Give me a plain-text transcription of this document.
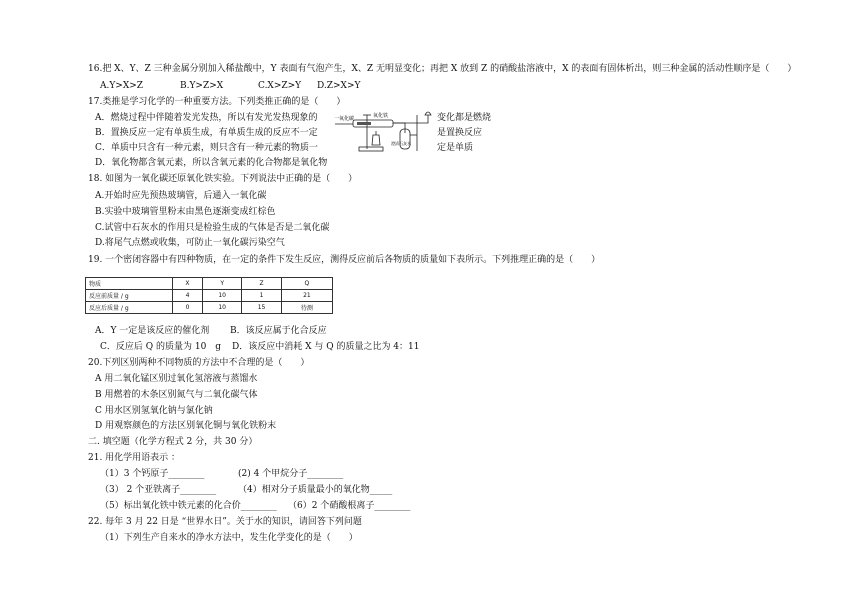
16.把 X、Y、Z 三种金属分别加入稀盐酸中，Y 表面有气泡产生，X、Z 无明显变化；再把 X 放到 Z 的硝酸盐溶液中，X 的表面有固体析出，则三种金属的活动性顺序是（　　）
A.Y>X>Z	B.Y>Z>X	C.X>Z>Y D.Z>X>Y
17.类推是学习化学的一种重要方法。下列类推正确的是（　　）
A．燃烧过程中伴随着发光发热，所以有发光发热现象的	变化都是燃烧
B．置换反应一定有单质生成，有单质生成的反应不一定	是置换反应
C．单质中只含有一种元素，则只含有一种元素的物质一	定是单质
D．氧化物都含氧元素，所以含氧元素的化合物都是氧化物
一氧化碳	氧化铁
澄清石灰水
18. 如图为一氧化碳还原氧化铁实验。下列说法中正确的是（　　）
A.开始时应先预热玻璃管，后通入一氧化碳
B.实验中玻璃管里粉末由黑色逐渐变成红棕色
C.试管中石灰水的作用只是检验生成的气体是否是二氧化碳
D.将尾气点燃或收集，可防止一氧化碳污染空气
19. 一个密闭容器中有四种物质，在一定的条件下发生反应，测得反应前后各物质的质量如下表所示。下列推理正确的是（　　）
物质	X	Y	Z	Q
反应前质量 / g	4	10	1	21
反应后质量 / g	0	10	15	待测
A．Y 一定是该反应的催化剂 B．该反应属于化合反应
C．反应后 Q 的质量为 10　g D．该反应中消耗 X 与 Q 的质量之比为 4：11
20.下列区别两种不同物质的方法中不合理的是（　　）
A 用二氧化锰区别过氧化氢溶液与蒸馏水
B 用燃着的木条区别氮气与二氧化碳气体
C 用水区别氢氧化钠与氯化钠
D 用观察颜色的方法区别氧化铜与氧化铁粉末
二. 填空题（化学方程式 2 分，共 30 分）
21. 用化学用语表示 ：
（1）3 个钙原子________	(2) 4 个甲烷分子________
（3） 2 个亚铁离子________ （4）相对分子质量最小的氧化物_____
（5）标出氧化铁中铁元素的化合价________ （6）2 个硝酸根离子________
22. 每年 3 月 22 日是 “世界水日”。关于水的知识，请回答下列问题
（1）下列生产自来水的净水方法中，发生化学变化的是（　　）
